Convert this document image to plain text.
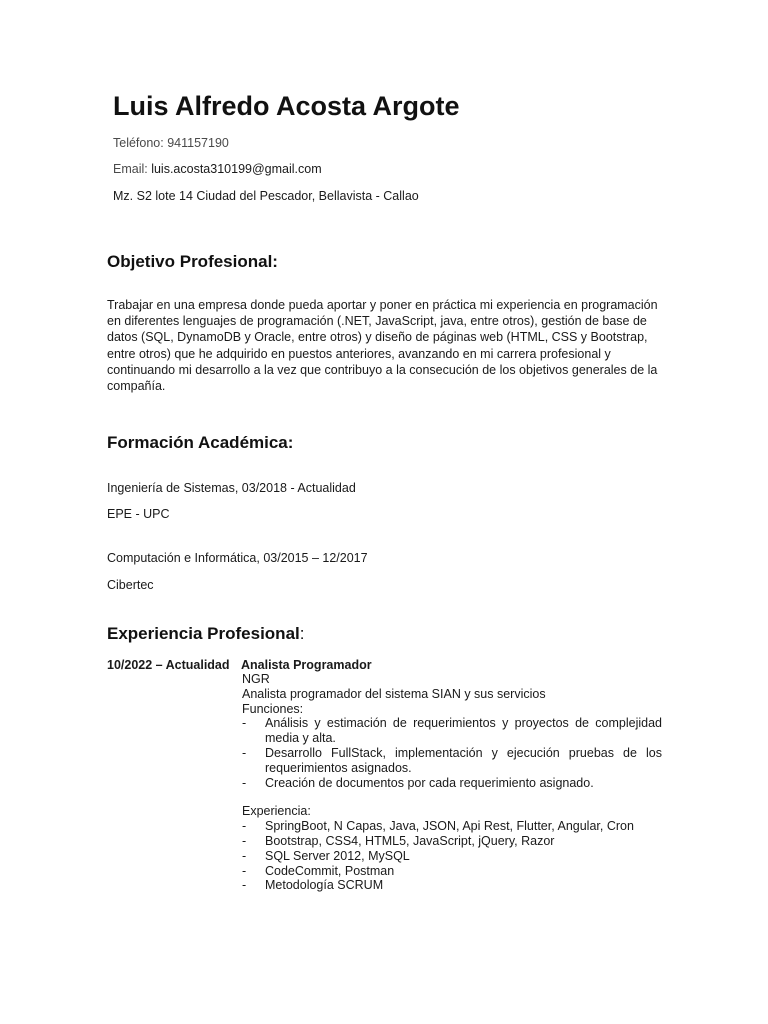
Luis Alfredo Acosta Argote
Teléfono: 941157190
Email: luis.acosta310199@gmail.com
Mz. S2 lote 14 Ciudad del Pescador, Bellavista - Callao
Objetivo Profesional:
Trabajar en una empresa donde pueda aportar y poner en práctica mi experiencia en programación en diferentes lenguajes de programación (.NET, JavaScript, java, entre otros), gestión de base de datos (SQL, DynamoDB y Oracle, entre otros) y diseño de páginas web (HTML, CSS y Bootstrap, entre otros) que he adquirido en puestos anteriores, avanzando en mi carrera profesional y continuando mi desarrollo a la vez que contribuyo a la consecución de los objetivos generales de la compañía.
Formación Académica:
Ingeniería de Sistemas, 03/2018 - Actualidad
EPE - UPC
Computación e Informática, 03/2015 – 12/2017
Cibertec
Experiencia Profesional:
10/2022 – Actualidad Analista Programador
NGR
Analista programador del sistema SIAN y sus servicios
Funciones:
-	Análisis y estimación de requerimientos y proyectos de complejidad media y alta.
-	Desarrollo FullStack, implementación y ejecución pruebas de los requerimientos asignados.
-	Creación de documentos por cada requerimiento asignado.
Experiencia:
-	SpringBoot, N Capas, Java, JSON, Api Rest, Flutter, Angular, Cron
-	Bootstrap, CSS4, HTML5, JavaScript, jQuery, Razor
-	SQL Server 2012, MySQL
-	CodeCommit, Postman
-	Metodología SCRUM
